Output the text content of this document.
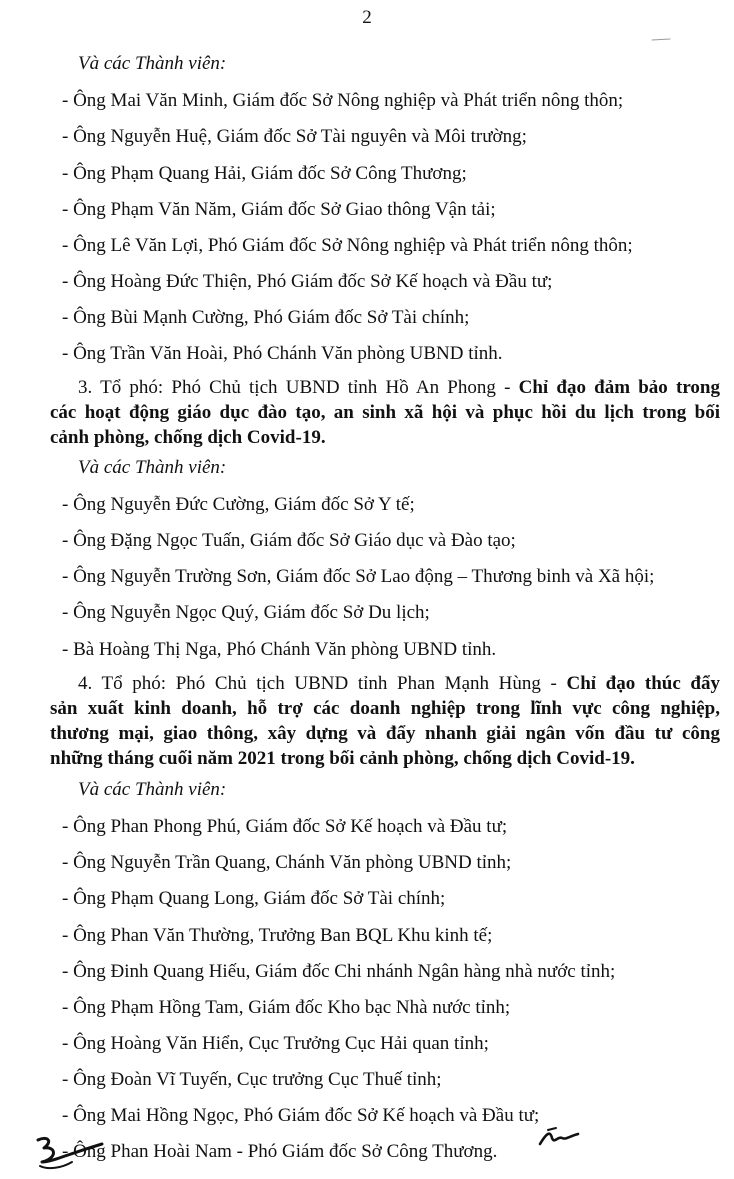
2
Và các Thành viên:
- Ông Mai Văn Minh, Giám đốc Sở Nông nghiệp và Phát triển nông thôn;
- Ông Nguyễn Huệ, Giám đốc Sở Tài nguyên và Môi trường;
- Ông Phạm Quang Hải, Giám đốc Sở Công Thương;
- Ông Phạm Văn Năm, Giám đốc Sở Giao thông Vận tải;
- Ông Lê Văn Lợi, Phó Giám đốc Sở Nông nghiệp và Phát triển nông thôn;
- Ông Hoàng Đức Thiện, Phó Giám đốc Sở Kế hoạch và Đầu tư;
- Ông Bùi Mạnh Cường, Phó Giám đốc Sở Tài chính;
- Ông Trần Văn Hoài, Phó Chánh Văn phòng UBND tỉnh.
3. Tổ phó: Phó Chủ tịch UBND tỉnh Hồ An Phong - Chỉ đạo đảm bảo trong
các hoạt động giáo dục đào tạo, an sinh xã hội và phục hồi du lịch trong bối
cảnh phòng, chống dịch Covid-19.
Và các Thành viên:
- Ông Nguyễn Đức Cường, Giám đốc Sở Y tế;
- Ông Đặng Ngọc Tuấn, Giám đốc Sở Giáo dục và Đào tạo;
- Ông Nguyễn Trường Sơn, Giám đốc Sở Lao động – Thương binh và Xã hội;
- Ông Nguyễn Ngọc Quý, Giám đốc Sở Du lịch;
- Bà Hoàng Thị Nga, Phó Chánh Văn phòng UBND tỉnh.
4. Tổ phó: Phó Chủ tịch UBND tỉnh Phan Mạnh Hùng - Chỉ đạo thúc đẩy
sản xuất kinh doanh, hỗ trợ các doanh nghiệp trong lĩnh vực công nghiệp,
thương mại, giao thông, xây dựng và đẩy nhanh giải ngân vốn đầu tư công
những tháng cuối năm 2021 trong bối cảnh phòng, chống dịch Covid-19.
Và các Thành viên:
- Ông Phan Phong Phú, Giám đốc Sở Kế hoạch và Đầu tư;
- Ông Nguyễn Trần Quang, Chánh Văn phòng UBND tỉnh;
- Ông Phạm Quang Long, Giám đốc Sở Tài chính;
- Ông Phan Văn Thường, Trưởng Ban BQL Khu kinh tế;
- Ông Đinh Quang Hiếu, Giám đốc Chi nhánh Ngân hàng nhà nước tỉnh;
- Ông Phạm Hồng Tam, Giám đốc Kho bạc Nhà nước tỉnh;
- Ông Hoàng Văn Hiển, Cục Trưởng Cục Hải quan tỉnh;
- Ông Đoàn Vĩ Tuyến, Cục trưởng Cục Thuế tỉnh;
- Ông Mai Hồng Ngọc, Phó Giám đốc Sở Kế hoạch và Đầu tư;
- Ông Phan Hoài Nam - Phó Giám đốc Sở Công Thương.
